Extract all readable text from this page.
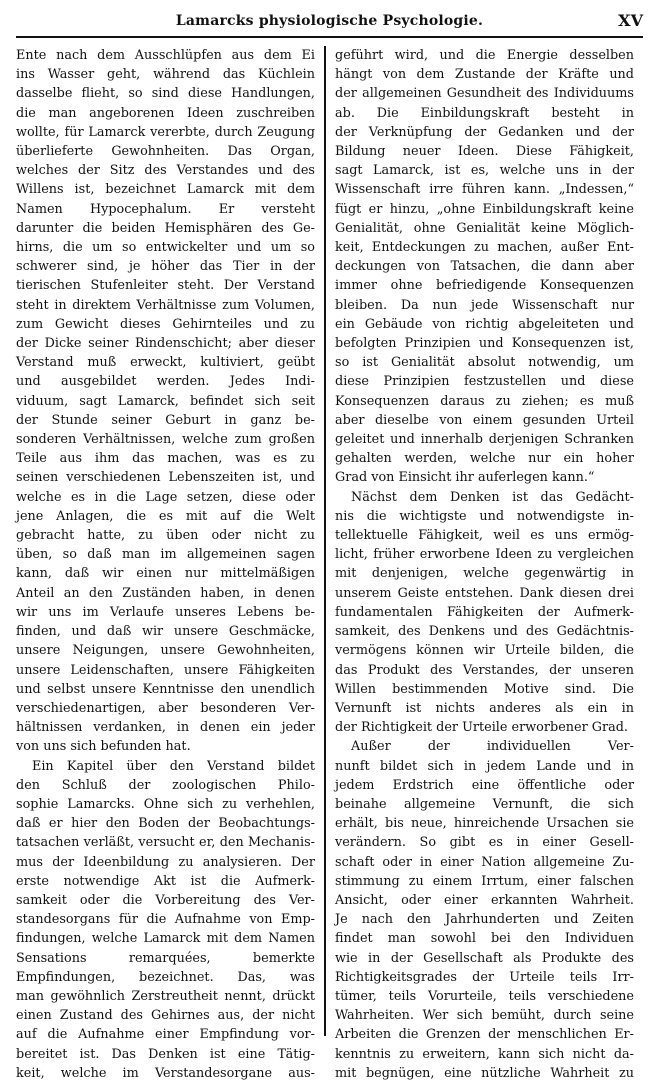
Lamarcks physiologische Psychologie.	XV
Ente nach dem Ausschlüpfen aus dem Ei
ins Wasser geht, während das Küchlein
dasselbe flieht, so sind diese Handlungen,
die man angeborenen Ideen zuschreiben
wollte, für Lamarck vererbte, durch Zeugung
überlieferte Gewohnheiten. Das Organ,
welches der Sitz des Verstandes und des
Willens ist, bezeichnet Lamarck mit dem
Namen Hypocephalum. Er versteht
darunter die beiden Hemisphären des Ge-
hirns, die um so entwickelter und um so
schwerer sind, je höher das Tier in der
tierischen Stufenleiter steht. Der Verstand
steht in direktem Verhältnisse zum Volumen,
zum Gewicht dieses Gehirnteiles und zu
der Dicke seiner Rindenschicht; aber dieser
Verstand muß erweckt, kultiviert, geübt
und ausgebildet werden. Jedes Indi-
viduum, sagt Lamarck, befindet sich seit
der Stunde seiner Geburt in ganz be-
sonderen Verhältnissen, welche zum großen
Teile aus ihm das machen, was es zu
seinen verschiedenen Lebenszeiten ist, und
welche es in die Lage setzen, diese oder
jene Anlagen, die es mit auf die Welt
gebracht hatte, zu üben oder nicht zu
üben, so daß man im allgemeinen sagen
kann, daß wir einen nur mittelmäßigen
Anteil an den Zuständen haben, in denen
wir uns im Verlaufe unseres Lebens be-
finden, und daß wir unsere Geschmäcke,
unsere Neigungen, unsere Gewohnheiten,
unsere Leidenschaften, unsere Fähigkeiten
und selbst unsere Kenntnisse den unendlich
verschiedenartigen, aber besonderen Ver-
hältnissen verdanken, in denen ein jeder
von uns sich befunden hat.
Ein Kapitel über den Verstand bildet
den Schluß der zoologischen Philo-
sophie Lamarcks. Ohne sich zu verhehlen,
daß er hier den Boden der Beobachtungs-
tatsachen verläßt, versucht er, den Mechanis-
mus der Ideenbildung zu analysieren. Der
erste notwendige Akt ist die Aufmerk-
samkeit oder die Vorbereitung des Ver-
standesorgans für die Aufnahme von Emp-
findungen, welche Lamarck mit dem Namen
Sensations remarquées, bemerkte
Empfindungen, bezeichnet. Das, was
man gewöhnlich Zerstreutheit nennt, drückt
einen Zustand des Gehirnes aus, der nicht
auf die Aufnahme einer Empfindung vor-
bereitet ist. Das Denken ist eine Tätig-
keit, welche im Verstandesorgane aus-
geführt wird, und die Energie desselben
hängt von dem Zustande der Kräfte und
der allgemeinen Gesundheit des Individuums
ab. Die Einbildungskraft besteht in
der Verknüpfung der Gedanken und der
Bildung neuer Ideen. Diese Fähigkeit,
sagt Lamarck, ist es, welche uns in der
Wissenschaft irre führen kann. „Indessen,“
fügt er hinzu, „ohne Einbildungskraft keine
Genialität, ohne Genialität keine Möglich-
keit, Entdeckungen zu machen, außer Ent-
deckungen von Tatsachen, die dann aber
immer ohne befriedigende Konsequenzen
bleiben. Da nun jede Wissenschaft nur
ein Gebäude von richtig abgeleiteten und
befolgten Prinzipien und Konsequenzen ist,
so ist Genialität absolut notwendig, um
diese Prinzipien festzustellen und diese
Konsequenzen daraus zu ziehen; es muß
aber dieselbe von einem gesunden Urteil
geleitet und innerhalb derjenigen Schranken
gehalten werden, welche nur ein hoher
Grad von Einsicht ihr auferlegen kann.“
Nächst dem Denken ist das Gedächt-
nis die wichtigste und notwendigste in-
tellektuelle Fähigkeit, weil es uns ermög-
licht, früher erworbene Ideen zu vergleichen
mit denjenigen, welche gegenwärtig in
unserem Geiste entstehen. Dank diesen drei
fundamentalen Fähigkeiten der Aufmerk-
samkeit, des Denkens und des Gedächtnis-
vermögens können wir Urteile bilden, die
das Produkt des Verstandes, der unseren
Willen bestimmenden Motive sind. Die
Vernunft ist nichts anderes als ein in
der Richtigkeit der Urteile erworbener Grad.
Außer der individuellen Ver-
nunft bildet sich in jedem Lande und in
jedem Erdstrich eine öffentliche oder
beinahe allgemeine Vernunft, die sich
erhält, bis neue, hinreichende Ursachen sie
verändern. So gibt es in einer Gesell-
schaft oder in einer Nation allgemeine Zu-
stimmung zu einem Irrtum, einer falschen
Ansicht, oder einer erkannten Wahrheit.
Je nach den Jahrhunderten und Zeiten
findet man sowohl bei den Individuen
wie in der Gesellschaft als Produkte des
Richtigkeitsgrades der Urteile teils Irr-
tümer, teils Vorurteile, teils verschiedene
Wahrheiten. Wer sich bemüht, durch seine
Arbeiten die Grenzen der menschlichen Er-
kenntnis zu erweitern, kann sich nicht da-
mit begnügen, eine nützliche Wahrheit zu
